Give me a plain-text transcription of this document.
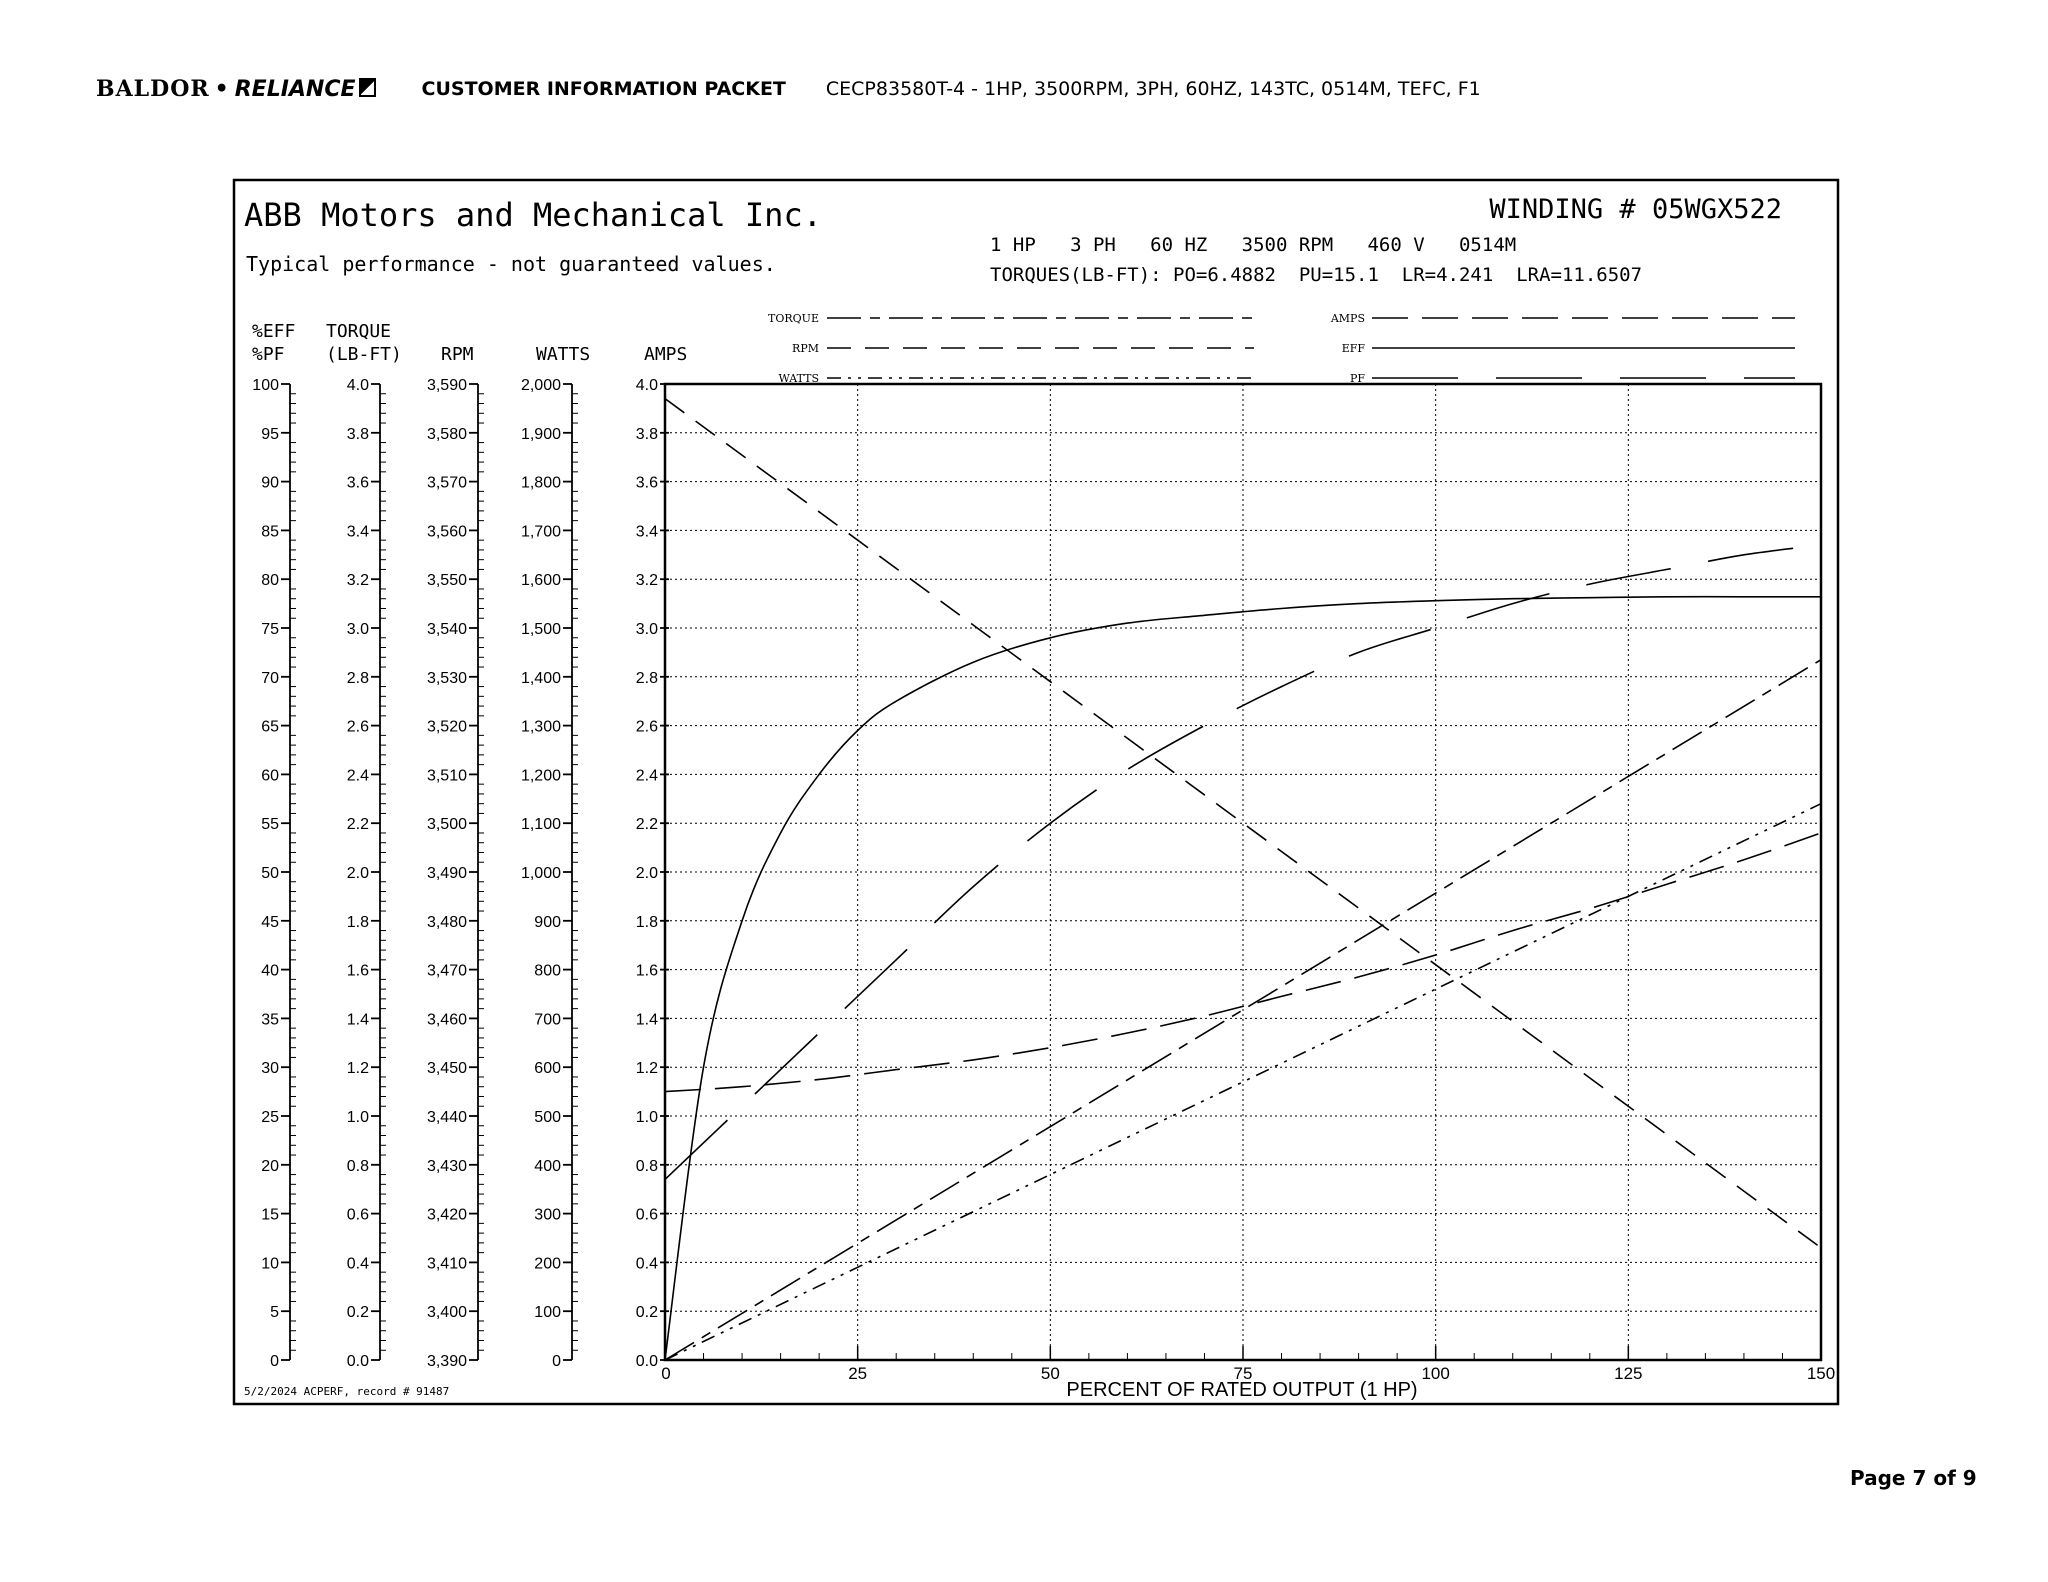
BALDOR • RELIANCE	CUSTOMER INFORMATION PACKET CECP83580T-4 - 1HP, 3500RPM, 3PH, 60HZ, 143TC, 0514M, TEFC, F1
ABB Motors and Mechanical Inc.
Typical performance - not guaranteed values.
WINDING # 05WGX522
1 HP   3 PH   60 HZ   3500 RPM   460 V   0514M
TORQUES(LB-FT): PO=6.4882  PU=15.1  LR=4.241  LRA=11.6507
5/2/2024 ACPERF, record # 91487	PERCENT OF RATED OUTPUT (1 HP)
TORQUE
RPM
WATTS
AMPS
EFF
PF
100
95
90
85
80
75
70
65
60
55
50
45
40
35
30
25
20
15
10
5
0
%EFF
%PF
4.0
3.8
3.6
3.4
3.2
3.0
2.8
2.6
2.4
2.2
2.0
1.8
1.6
1.4
1.2
1.0
0.8
0.6
0.4
0.2
0.0
TORQUE
(LB-FT)
3,590
3,580
3,570
3,560
3,550
3,540
3,530
3,520
3,510
3,500
3,490
3,480
3,470
3,460
3,450
3,440
3,430
3,420
3,410
3,400
3,390
RPM
2,000
1,900
1,800
1,700
1,600
1,500
1,400
1,300
1,200
1,100
1,000
900
800
700
600
500
400
300
200
100
0
WATTS
4.0
3.8
3.6
3.4
3.2
3.0
2.8
2.6
2.4
2.2
2.0
1.8
1.6
1.4
1.2
1.0
0.8
0.6
0.4
0.2
0.0
AMPS
0	25	50	75	100	125	150
Page 7 of 9
